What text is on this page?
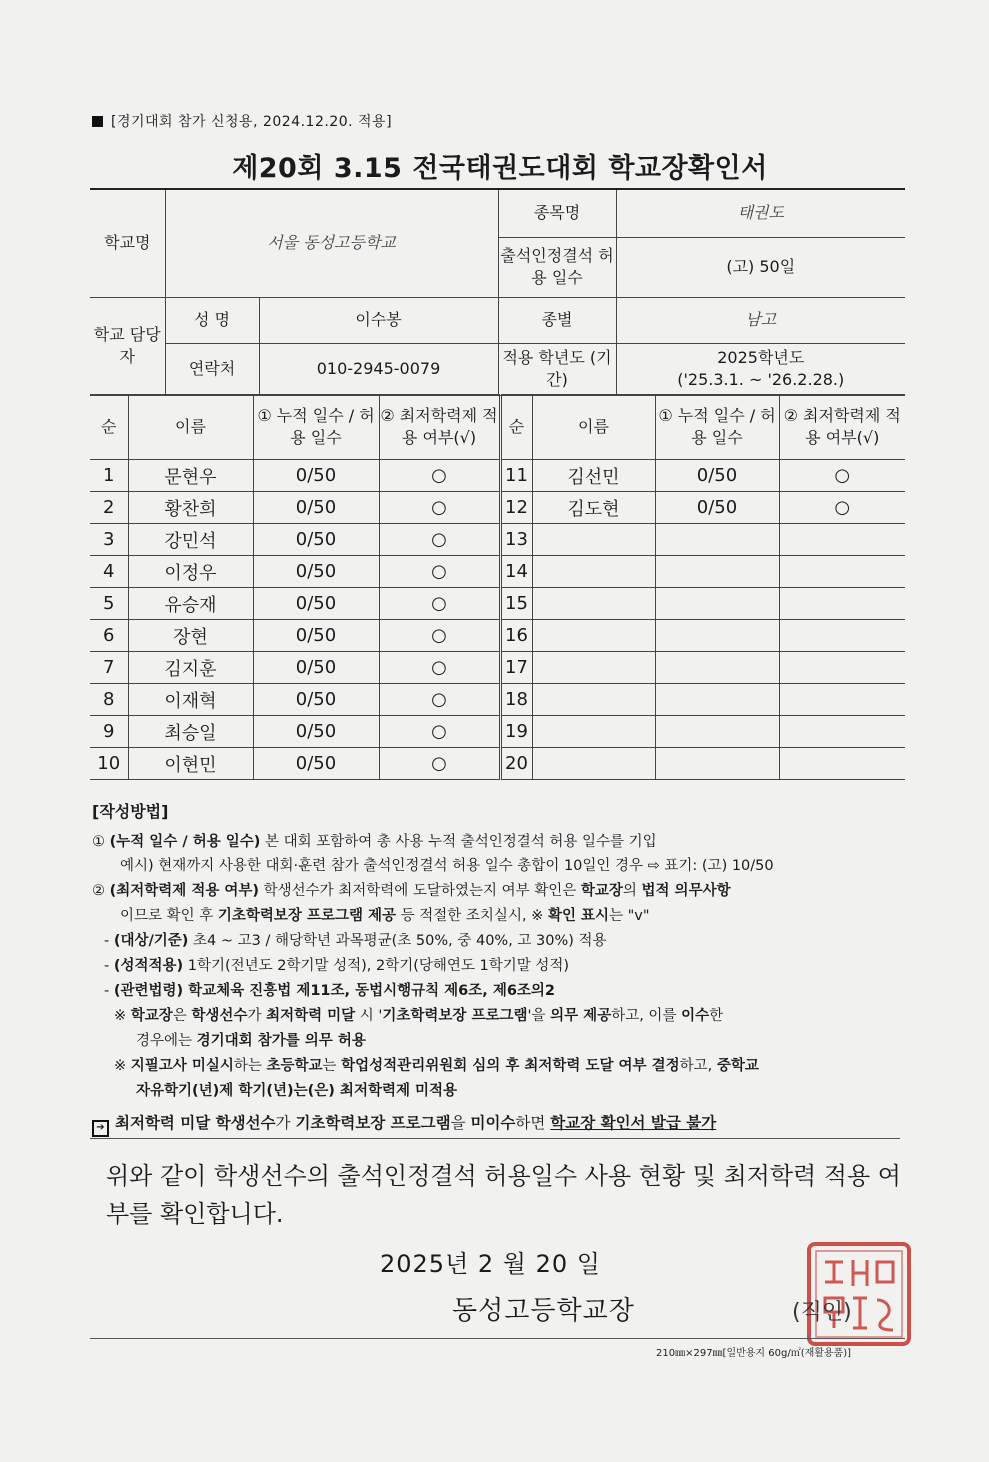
[경기대회 참가 신청용, 2024.12.20. 적용]
제20회 3.15 전국태권도대회 학교장확인서
학교명	서울 동성고등학교		종목명	태권도
			출석인정결석 허용 일수	(고) 50일
학교 담당자	성 명	이수봉	종별	남고
	연락처	010-2945-0079	적용 학년도 (기간)	2025학년도
('25.3.1. ~ '26.2.28.)
순	이름	① 누적 일수 / 허용 일수	② 최저학력제 적용 여부(√)	순	이름	① 누적 일수 / 허용 일수	② 최저학력제 적용 여부(√)
1	문현우	0/50	○	11	김선민	0/50	○
2	황찬희	0/50	○	12	김도현	0/50	○
3	강민석	0/50	○	13			
4	이정우	0/50	○	14			
5	유승재	0/50	○	15			
6	장현	0/50	○	16			
7	김지훈	0/50	○	17			
8	이재혁	0/50	○	18			
9	최승일	0/50	○	19			
10	이현민	0/50	○	20			
[작성방법]

① (누적 일수 / 허용 일수) 본 대회 포함하여 총 사용 누적 출석인정결석 허용 일수를 기입

예시) 현재까지 사용한 대회·훈련 참가 출석인정결석 허용 일수 총합이 10일인 경우 ⇨ 표기: (고) 10/50

② (최저학력제 적용 여부) 학생선수가 최저학력에 도달하였는지 여부 확인은 학교장의 법적 의무사항

이므로 확인 후 기초학력보장 프로그램 제공 등 적절한 조치실시, ※ 확인 표시는 "v"

- (대상/기준) 초4 ~ 고3 / 해당학년 과목평균(초 50%, 중 40%, 고 30%) 적용

- (성적적용) 1학기(전년도 2학기말 성적), 2학기(당해연도 1학기말 성적)

- (관련법령) 학교체육 진흥법 제11조, 동법시행규칙 제6조, 제6조의2

※ 학교장은 학생선수가 최저학력 미달 시 '기초학력보장 프로그램'을 의무 제공하고, 이를 이수한

경우에는 경기대회 참가를 의무 허용

※ 지필고사 미실시하는 초등학교는 학업성적관리위원회 심의 후 최저학력 도달 여부 결정하고, 중학교

자유학기(년)제 학기(년)는(은) 최저학력제 미적용

➔ 최저학력 미달 학생선수가 기초학력보장 프로그램을 미이수하면 학교장 확인서 발급 불가

위와 같이 학생선수의 출석인정결석 허용일수 사용 현황 및 최저학력 적용 여부를 확인합니다.
2025년 2 월 20 일
동성고등학교장	(직인)
210㎜×297㎜[일반용지 60g/㎡(재활용품)]
